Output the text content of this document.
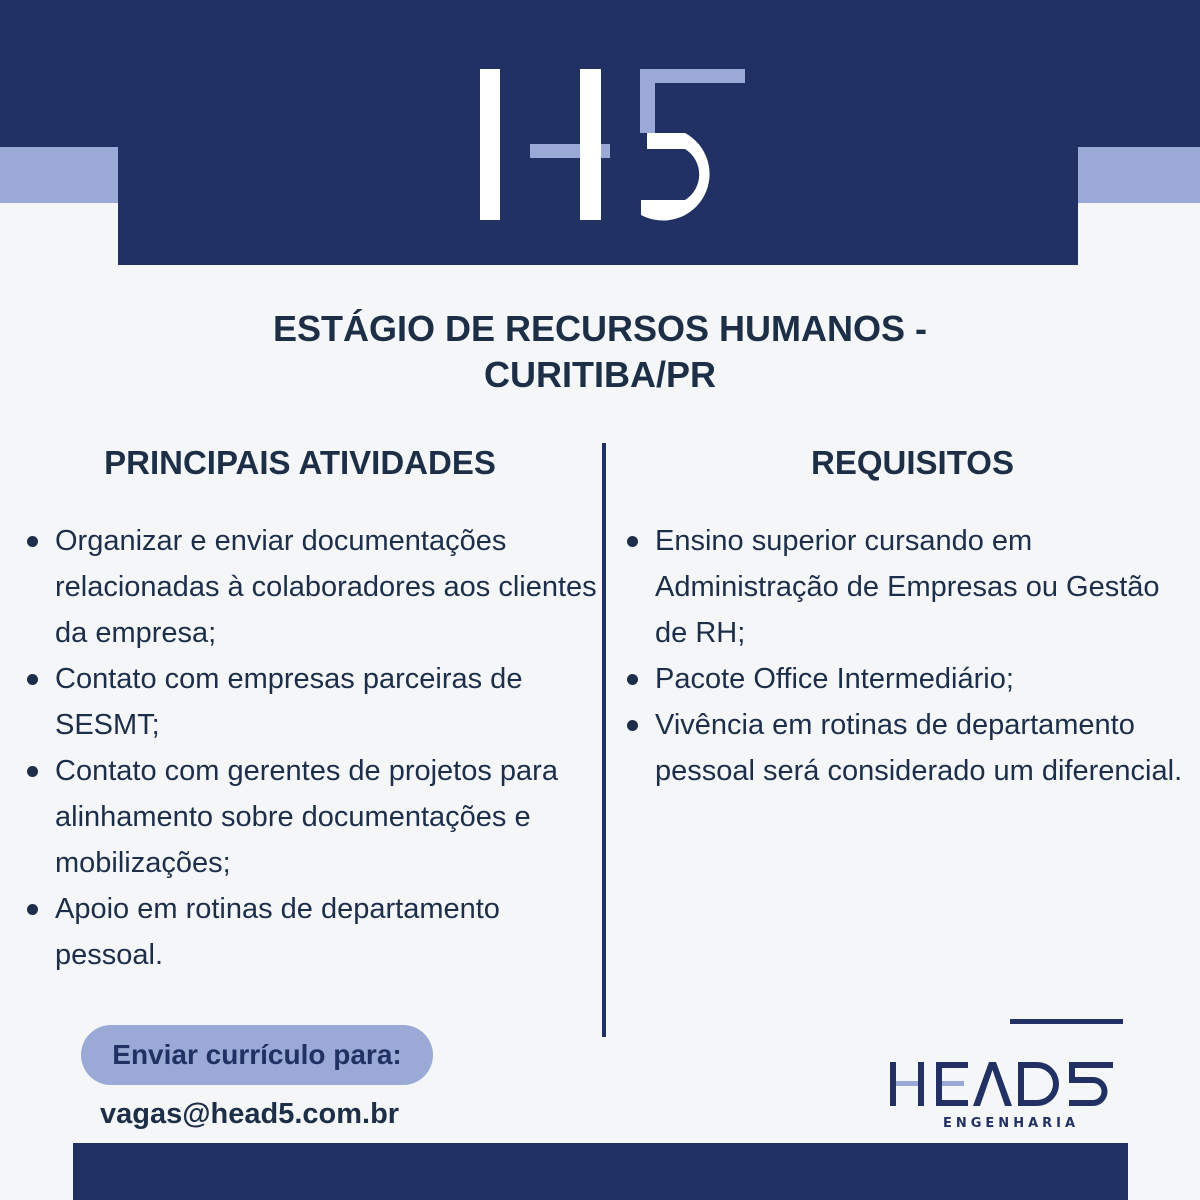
ESTÁGIO DE RECURSOS HUMANOS -
CURITIBA/PR
PRINCIPAIS ATIVIDADES	REQUISITOS
Organizar e enviar documentações relacionadas à colaboradores aos clientes da empresa;
Contato com empresas parceiras de SESMT;
Contato com gerentes de projetos para alinhamento sobre documentações e mobilizações;
Apoio em rotinas de departamento pessoal.
Ensino superior cursando em Administração de Empresas ou Gestão de RH;
Pacote Office Intermediário;
Vivência em rotinas de departamento pessoal será considerado um diferencial.
Enviar currículo para:
vagas@head5.com.br	ENGENHARIA
